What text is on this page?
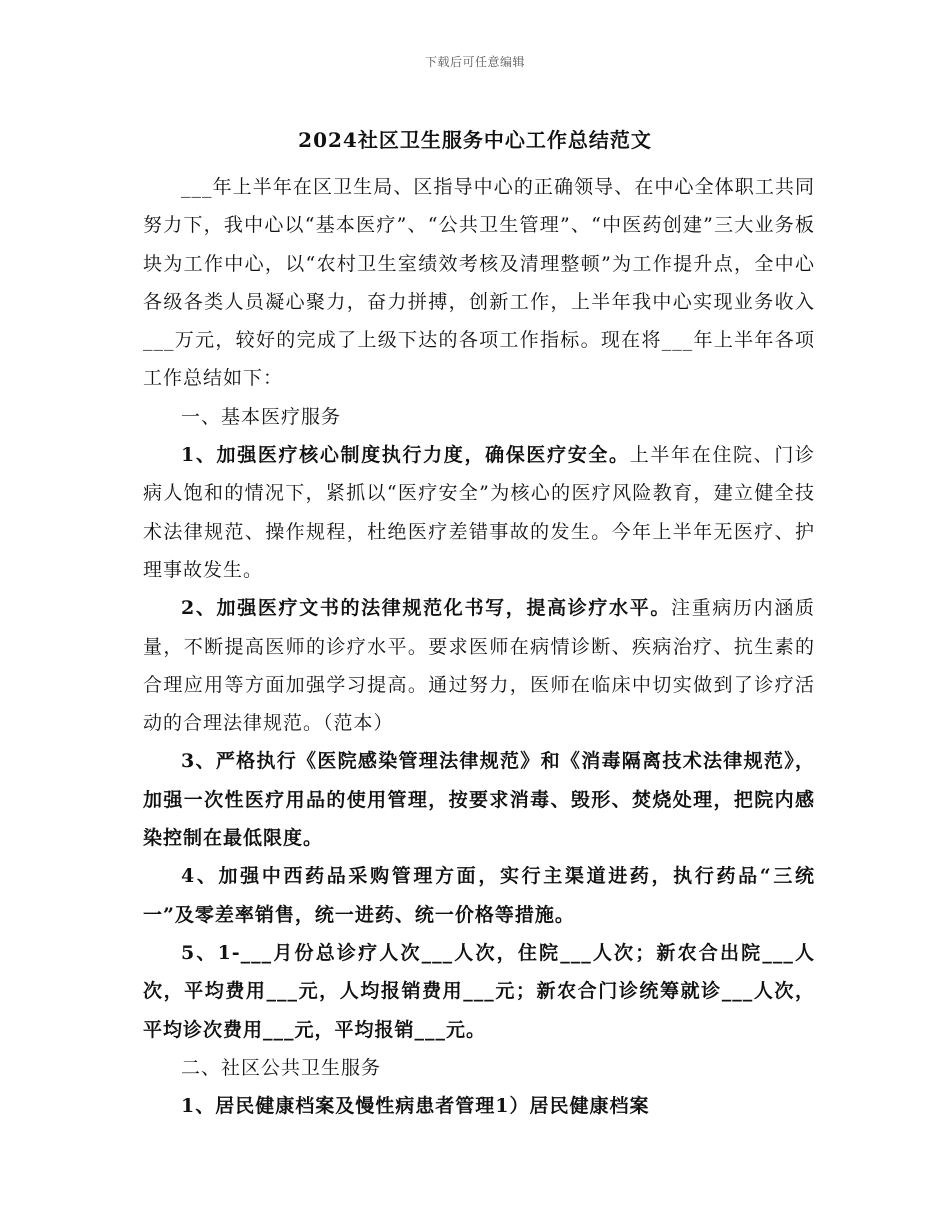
下载后可任意编辑
2024社区卫生服务中心工作总结范文

___年上半年在区卫生局、区指导中心的正确领导、在中心全体职工共同努力下，我中心以“基本医疗”、“公共卫生管理”、“中医药创建”三大业务板块为工作中心，以“农村卫生室绩效考核及清理整顿”为工作提升点，全中心各级各类人员凝心聚力，奋力拼搏，创新工作，上半年我中心实现业务收入___万元，较好的完成了上级下达的各项工作指标。现在将___年上半年各项工作总结如下：

一、基本医疗服务

1、加强医疗核心制度执行力度，确保医疗安全。上半年在住院、门诊病人饱和的情况下，紧抓以“医疗安全”为核心的医疗风险教育，建立健全技术法律规范、操作规程，杜绝医疗差错事故的发生。今年上半年无医疗、护理事故发生。

2、加强医疗文书的法律规范化书写，提高诊疗水平。注重病历内涵质量，不断提高医师的诊疗水平。要求医师在病情诊断、疾病治疗、抗生素的合理应用等方面加强学习提高。通过努力，医师在临床中切实做到了诊疗活动的合理法律规范。（范本）

3、严格执行《医院感染管理法律规范》和《消毒隔离技术法律规范》，加强一次性医疗用品的使用管理，按要求消毒、毁形、焚烧处理，把院内感染控制在最低限度。

4、加强中西药品采购管理方面，实行主渠道进药，执行药品“三统一”及零差率销售，统一进药、统一价格等措施。

5、1-___月份总诊疗人次___人次，住院___人次；新农合出院___人次，平均费用___元，人均报销费用___元；新农合门诊统筹就诊___人次，平均诊次费用___元，平均报销___元。

二、社区公共卫生服务

1、居民健康档案及慢性病患者管理1）居民健康档案
